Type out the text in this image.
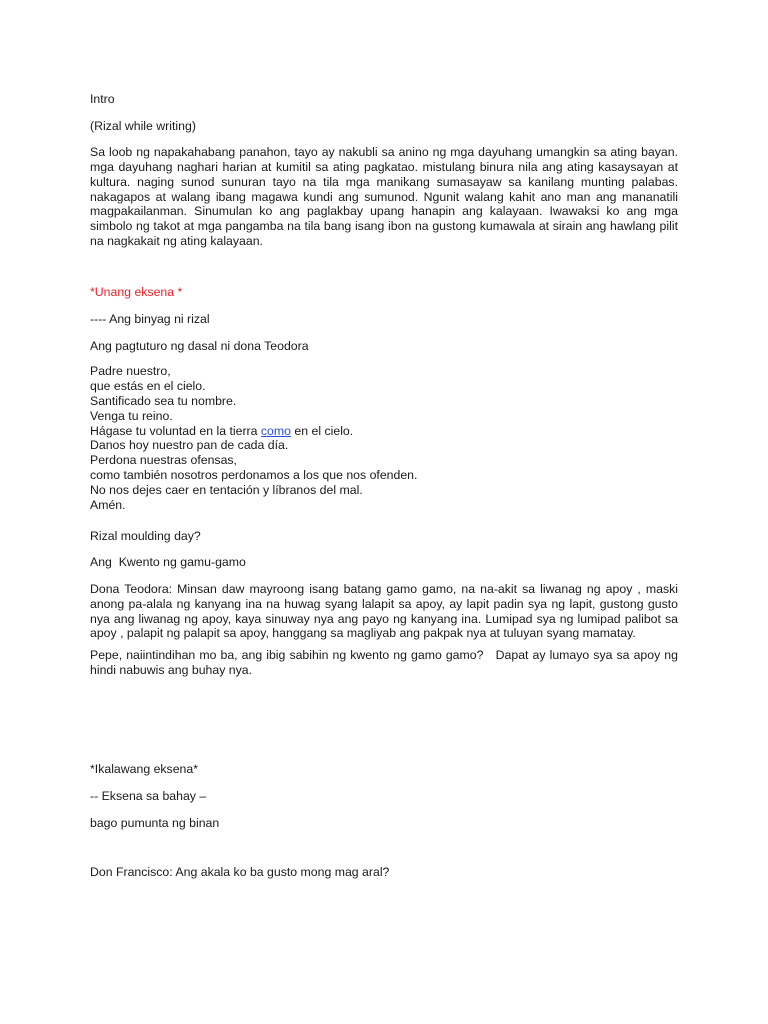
Intro

(Rizal while writing)

Sa loob ng napakahabang panahon, tayo ay nakubli sa anino ng mga dayuhang umangkin sa ating bayan. mga dayuhang naghari harian at kumitil sa ating pagkatao. mistulang binura nila ang ating kasaysayan at kultura. naging sunod sunuran tayo na tila mga manikang sumasayaw sa kanilang munting palabas. nakagapos at walang ibang magawa kundi ang sumunod. Ngunit walang kahit ano man ang mananatili magpakailanman. Sinumulan ko ang paglakbay upang hanapin ang kalayaan. Iwawaksi ko ang mga simbolo ng takot at mga pangamba na tila bang isang ibon na gustong kumawala at sirain ang hawlang pilit na nagkakait ng ating kalayaan.

*Unang eksena *

---- Ang binyag ni rizal

Ang pagtuturo ng dasal ni dona Teodora

Padre nuestro,
que estás en el cielo.
Santificado sea tu nombre.
Venga tu reino.
Hágase tu voluntad en la tierra como en el cielo.
Danos hoy nuestro pan de cada día.
Perdona nuestras ofensas,
como también nosotros perdonamos a los que nos ofenden.
No nos dejes caer en tentación y líbranos del mal.
Amén.

Rizal moulding day?

Ang  Kwento ng gamu-gamo

Dona Teodora: Minsan daw mayroong isang batang gamo gamo, na na-akit sa liwanag ng apoy , maski anong pa-alala ng kanyang ina na huwag syang lalapit sa apoy, ay lapit padin sya ng lapit, gustong gusto nya ang liwanag ng apoy, kaya sinuway nya ang payo ng kanyang ina. Lumipad sya ng lumipad palibot sa apoy , palapit ng palapit sa apoy, hanggang sa magliyab ang pakpak nya at tuluyan syang mamatay.

Pepe, naiintindihan mo ba, ang ibig sabihin ng kwento ng gamo gamo?   Dapat ay lumayo sya sa apoy ng hindi nabuwis ang buhay nya.

*Ikalawang eksena*

-- Eksena sa bahay –

bago pumunta ng binan

Don Francisco: Ang akala ko ba gusto mong mag aral?
